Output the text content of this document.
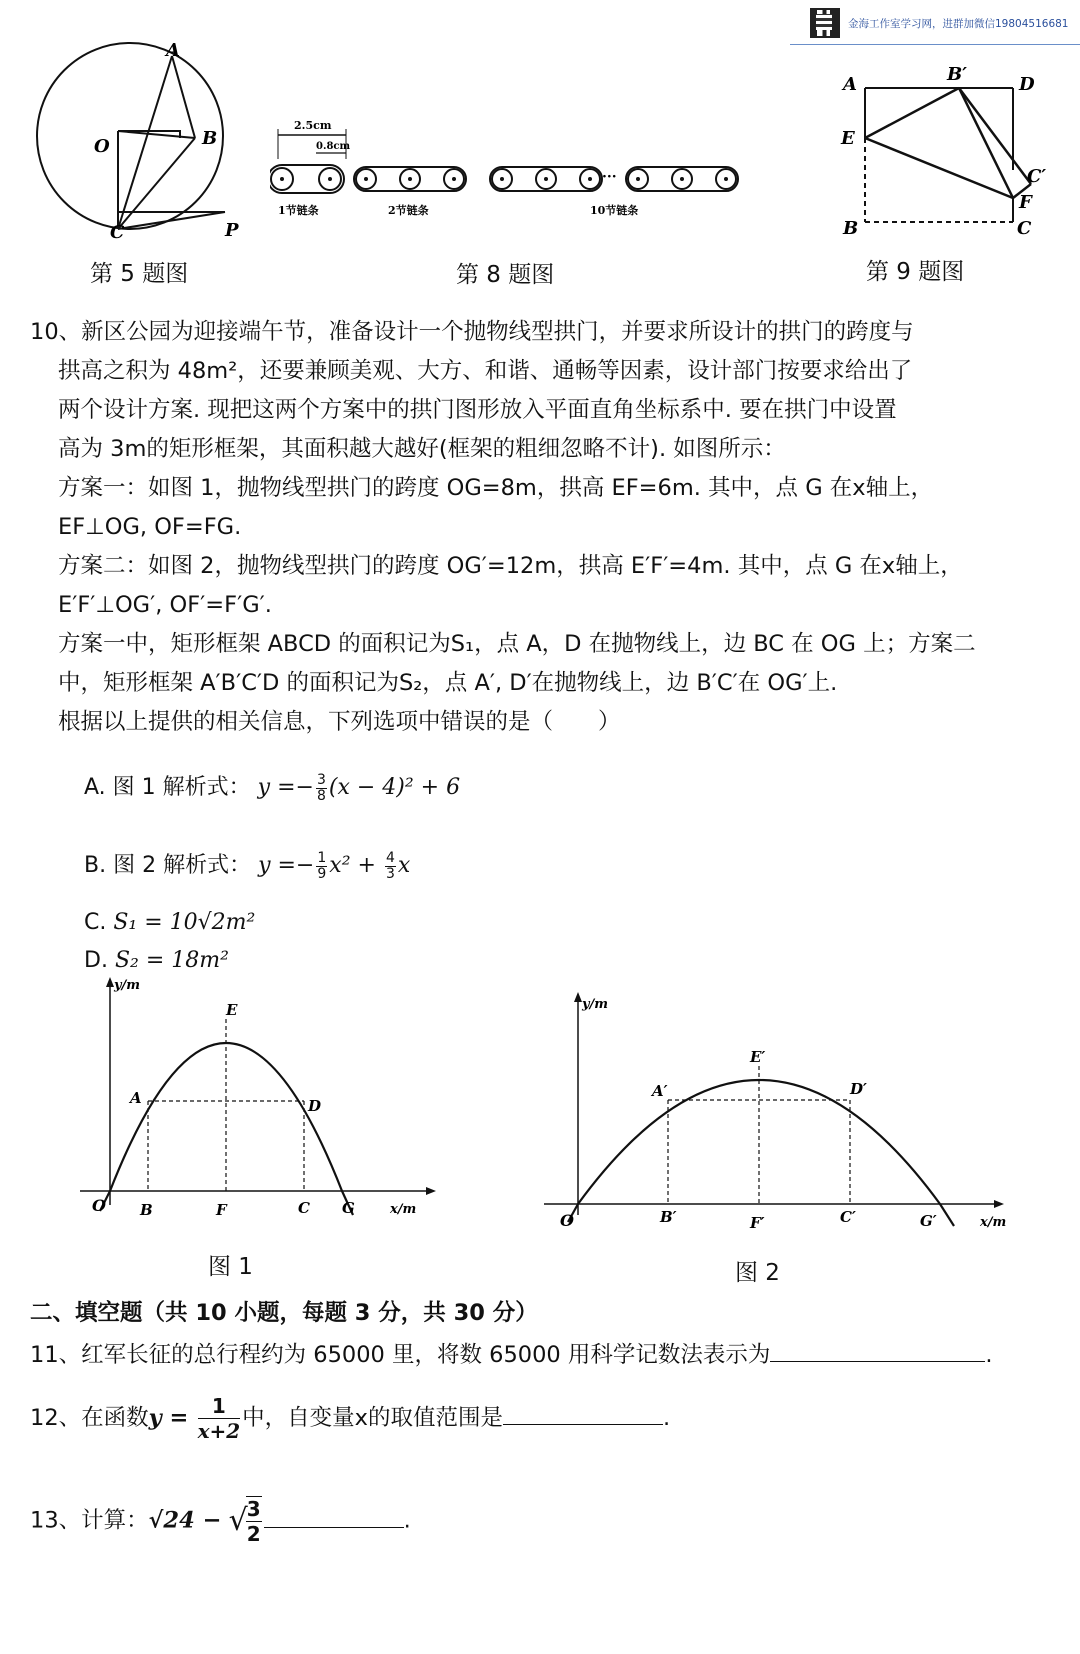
金海工作室学习网，进群加微信19804516681
A
B
O
C	P
第 5 题图
2.5cm
0.8cm
1节链条	2节链条
···
10节链条
第 8 题图
A	B′	D
E
C′
F
B	C
第 9 题图
10、新区公园为迎接端午节，准备设计一个抛物线型拱门，并要求所设计的拱门的跨度与
拱高之积为 48m²，还要兼顾美观、大方、和谐、通畅等因素，设计部门按要求给出了
两个设计方案. 现把这两个方案中的拱门图形放入平面直角坐标系中. 要在拱门中设置
高为 3m的矩形框架，其面积越大越好(框架的粗细忽略不计). 如图所示：
方案一：如图 1，抛物线型拱门的跨度 OG=8m，拱高 EF=6m. 其中，点 G 在x轴上，
EF⊥OG, OF=FG.
方案二：如图 2，抛物线型拱门的跨度 OG′=12m，拱高 E′F′=4m. 其中，点 G 在x轴上，
E′F′⊥OG′, OF′=F′G′.
方案一中，矩形框架 ABCD 的面积记为S₁，点 A，D 在抛物线上，边 BC 在 OG 上；方案二
中，矩形框架 A′B′C′D 的面积记为S₂，点 A′, D′在抛物线上，边 B′C′在 OG′上.
根据以上提供的相关信息，下列选项中错误的是（　　）
A. 图 1 解析式： $y =- \frac{3}{8} (x - 4)^2 + 6$
B. 图 2 解析式： $y =- \frac{1}{9} x^2 + \frac{4}{3}$ x
C. S₁ = 10√2m²
D. S₂ = 18m²
y/m
x/m
O B	F	C G
A	D
E
图 1
y/m
x/m
O	B′	F′	C′	G′
A′	D′
E′
图 2
二、填空题（共 10 小题，每题 3 分，共 30 分）
11、红军长征的总行程约为 65000 里，将数 65000 用科学记数法表示为	.
12、在函数$y = \frac{1}{x+2}$ 中，自变量x的取值范围是	.
13、计算：√24 − √
$\frac{3}{2}$	.
